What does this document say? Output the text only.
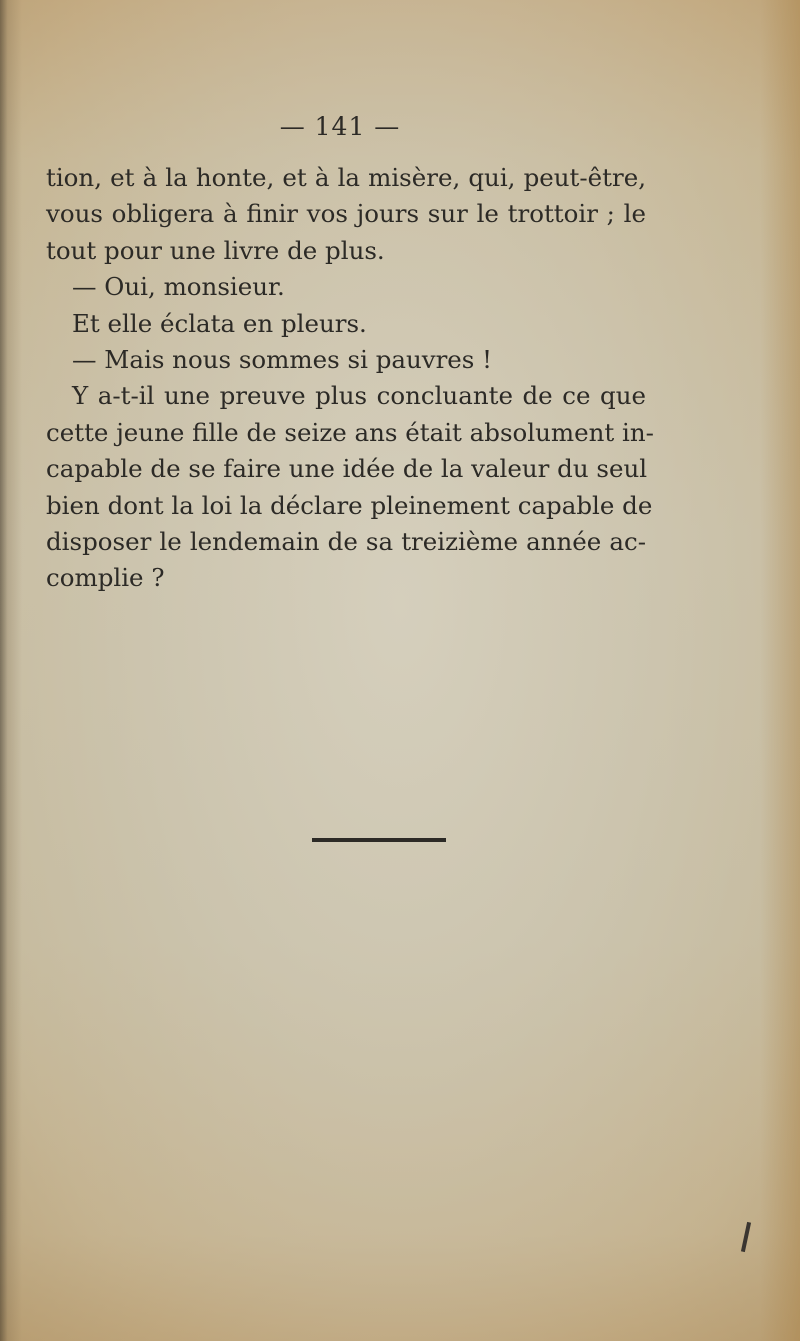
— 141 —
tion, et à la honte, et à la misère, qui, peut-être,
vous obligera à finir vos jours sur le trottoir ; le
tout pour une livre de plus.
— Oui, monsieur.
Et elle éclata en pleurs.
— Mais nous sommes si pauvres !
Y a-t-il une preuve plus concluante de ce que
cette jeune fille de seize ans était absolument in-
capable de se faire une idée de la valeur du seul
bien dont la loi la déclare pleinement capable de
disposer le lendemain de sa treizième année ac-
complie ?
